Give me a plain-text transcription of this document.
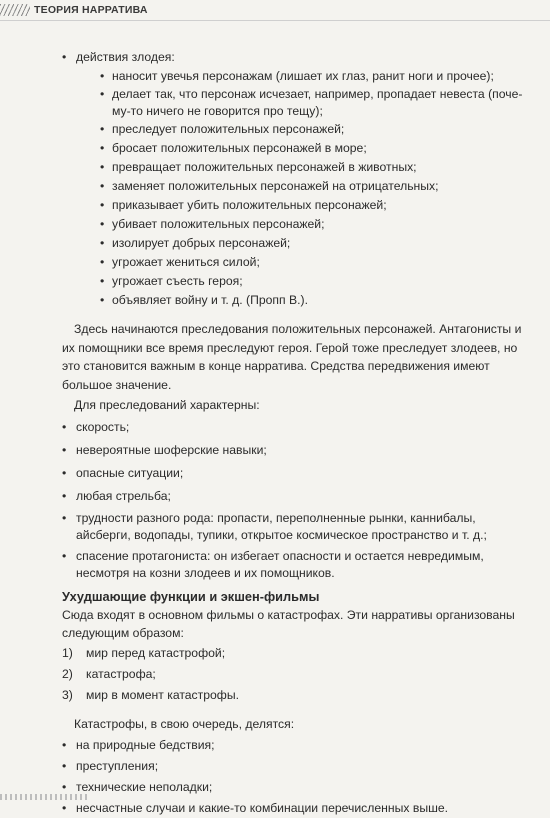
ТЕОРИЯ НАРРАТИВА
• действия злодея:
• наносит увечья персонажам (лишает их глаз, ранит ноги и прочее);
• делает так, что персонаж исчезает, например, пропадает невеста (поче-му-то ничего не говорится про тещу);
• преследует положительных персонажей;
• бросает положительных персонажей в море;
• превращает положительных персонажей в животных;
• заменяет положительных персонажей на отрицательных;
• приказывает убить положительных персонажей;
• убивает положительных персонажей;
• изолирует добрых персонажей;
• угрожает жениться силой;
• угрожает съесть героя;
• объявляет войну и т. д. (Пропп В.).

Здесь начинаются преследования положительных персонажей. Антагонисты и их помощники все время преследуют героя. Герой тоже преследует злодеев, но это становится важным в конце нарратива. Средства передвижения имеют большое значение.

Для преследований характерны:

• скорость;
• невероятные шоферские навыки;
• опасные ситуации;
• любая стрельба;
• трудности разного рода: пропасти, переполненные рынки, каннибалы, айсберги, водопады, тупики, открытое космическое пространство и т. д.;
• спасение протагониста: он избегает опасности и остается невредимым, несмотря на козни злодеев и их помощников.
Ухудшающие функции и экшен-фильмы

Сюда входят в основном фильмы о катастрофах. Эти нарративы организованы следующим образом:

1) мир перед катастрофой;
2) катастрофа;
3) мир в момент катастрофы.

Катастрофы, в свою очередь, делятся:

• на природные бедствия;
• преступления;
• технические неполадки;
• несчастные случаи и какие-то комбинации перечисленных выше.
